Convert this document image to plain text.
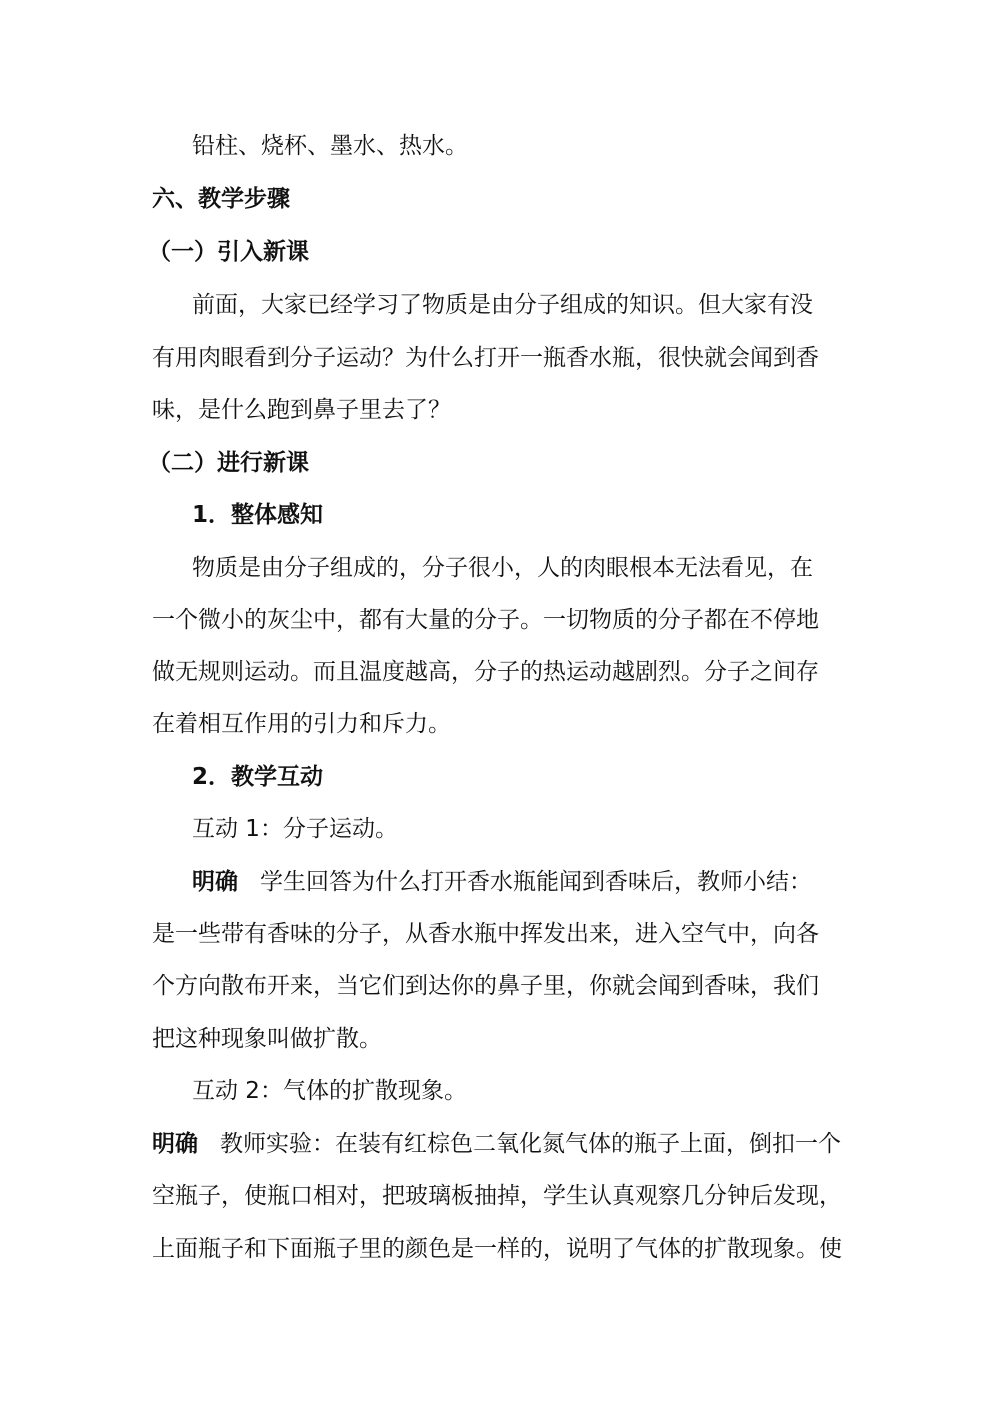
铅柱、烧杯、墨水、热水。
六、教学步骤
（一）引入新课
前面，大家已经学习了物质是由分子组成的知识。但大家有没
有用肉眼看到分子运动？为什么打开一瓶香水瓶，很快就会闻到香
味，是什么跑到鼻子里去了？
（二）进行新课
1．整体感知
物质是由分子组成的，分子很小，人的肉眼根本无法看见，在
一个微小的灰尘中，都有大量的分子。一切物质的分子都在不停地
做无规则运动。而且温度越高，分子的热运动越剧烈。分子之间存
在着相互作用的引力和斥力。
2．教学互动
互动 1：分子运动。
明确 学生回答为什么打开香水瓶能闻到香味后，教师小结：
是一些带有香味的分子，从香水瓶中挥发出来，进入空气中，向各
个方向散布开来，当它们到达你的鼻子里，你就会闻到香味，我们
把这种现象叫做扩散。
互动 2：气体的扩散现象。
明确 教师实验：在装有红棕色二氧化氮气体的瓶子上面，倒扣一个
空瓶子，使瓶口相对，把玻璃板抽掉，学生认真观察几分钟后发现，
上面瓶子和下面瓶子里的颜色是一样的，说明了气体的扩散现象。使
